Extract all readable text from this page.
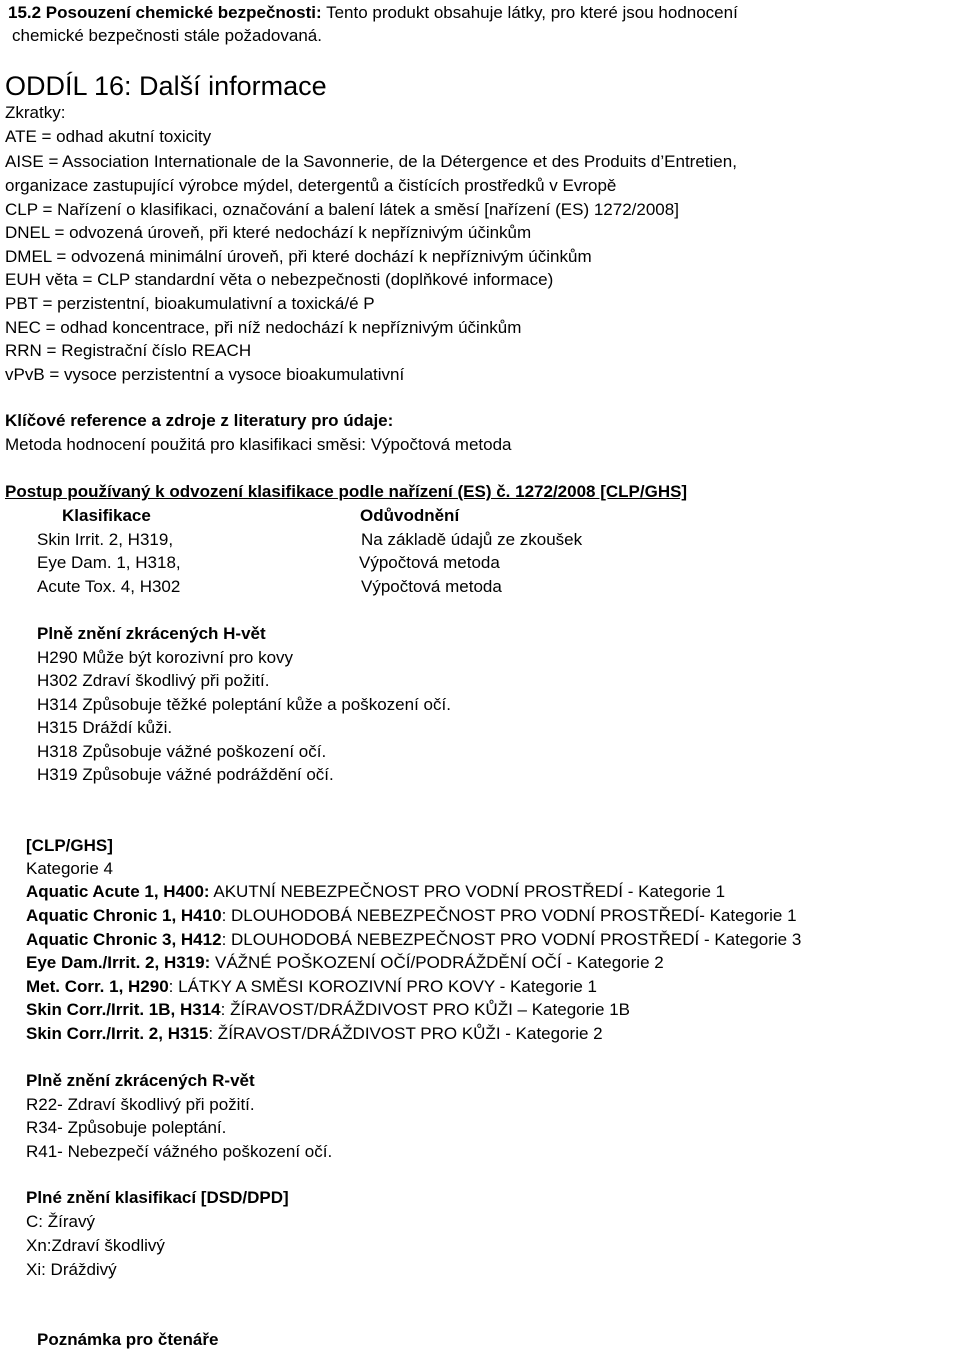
15.2 Posouzení chemické bezpečnosti: Tento produkt obsahuje látky, pro které jsou hodnocení
chemické bezpečnosti stále požadovaná.
ODDÍL 16: Další informace
Zkratky:
ATE = odhad akutní toxicity
AISE = Association Internationale de la Savonnerie, de la Détergence et des Produits d’Entretien,
organizace zastupující výrobce mýdel, detergentů a čistících prostředků v Evropě
CLP = Nařízení o klasifikaci, označování a balení látek a směsí [nařízení (ES) 1272/2008]
DNEL = odvozená úroveň, při které nedochází k nepříznivým účinkům
DMEL = odvozená minimální úroveň, při které dochází k nepříznivým účinkům
EUH věta = CLP standardní věta o nebezpečnosti (doplňkové informace)
PBT = perzistentní, bioakumulativní a toxická/é P
NEC = odhad koncentrace, při níž nedochází k nepříznivým účinkům
RRN = Registrační číslo REACH
vPvB = vysoce perzistentní a vysoce bioakumulativní
Klíčové reference a zdroje z literatury pro údaje:
Metoda hodnocení použitá pro klasifikaci směsi: Výpočtová metoda
Postup používaný k odvození klasifikace podle nařízení (ES) č. 1272/2008 [CLP/GHS]
Klasifikace	Odůvodnění
Skin Irrit. 2, H319,	Na základě údajů ze zkoušek
Eye Dam. 1, H318,	Výpočtová metoda
Acute Tox. 4, H302	Výpočtová metoda
Plně znění zkrácených H-vět
H290 Může být korozivní pro kovy
H302 Zdraví škodlivý při požití.
H314 Způsobuje těžké poleptání kůže a poškození očí.
H315 Dráždí kůži.
H318 Způsobuje vážné poškození očí.
H319 Způsobuje vážné podráždění očí.
[CLP/GHS]
Kategorie 4
Aquatic Acute 1, H400: AKUTNÍ NEBEZPEČNOST PRO VODNÍ PROSTŘEDÍ - Kategorie 1
Aquatic Chronic 1, H410: DLOUHODOBÁ NEBEZPEČNOST PRO VODNÍ PROSTŘEDÍ- Kategorie 1
Aquatic Chronic 3, H412: DLOUHODOBÁ NEBEZPEČNOST PRO VODNÍ PROSTŘEDÍ - Kategorie 3
Eye Dam./Irrit. 2, H319: VÁŽNÉ POŠKOZENÍ OČÍ/PODRÁŽDĚNÍ OČÍ - Kategorie 2
Met. Corr. 1, H290: LÁTKY A SMĚSI KOROZIVNÍ PRO KOVY - Kategorie 1
Skin Corr./Irrit. 1B, H314: ŽÍRAVOST/DRÁŽDIVOST PRO KŮŽI – Kategorie 1B
Skin Corr./Irrit. 2, H315: ŽÍRAVOST/DRÁŽDIVOST PRO KŮŽI - Kategorie 2
Plně znění zkrácených R-vět
R22- Zdraví škodlivý při požití.
R34- Způsobuje poleptání.
R41- Nebezpečí vážného poškození očí.
Plné znění klasifikací [DSD/DPD]
C: Žíravý
Xn:Zdraví škodlivý
Xi: Dráždivý
Poznámka pro čtenáře
